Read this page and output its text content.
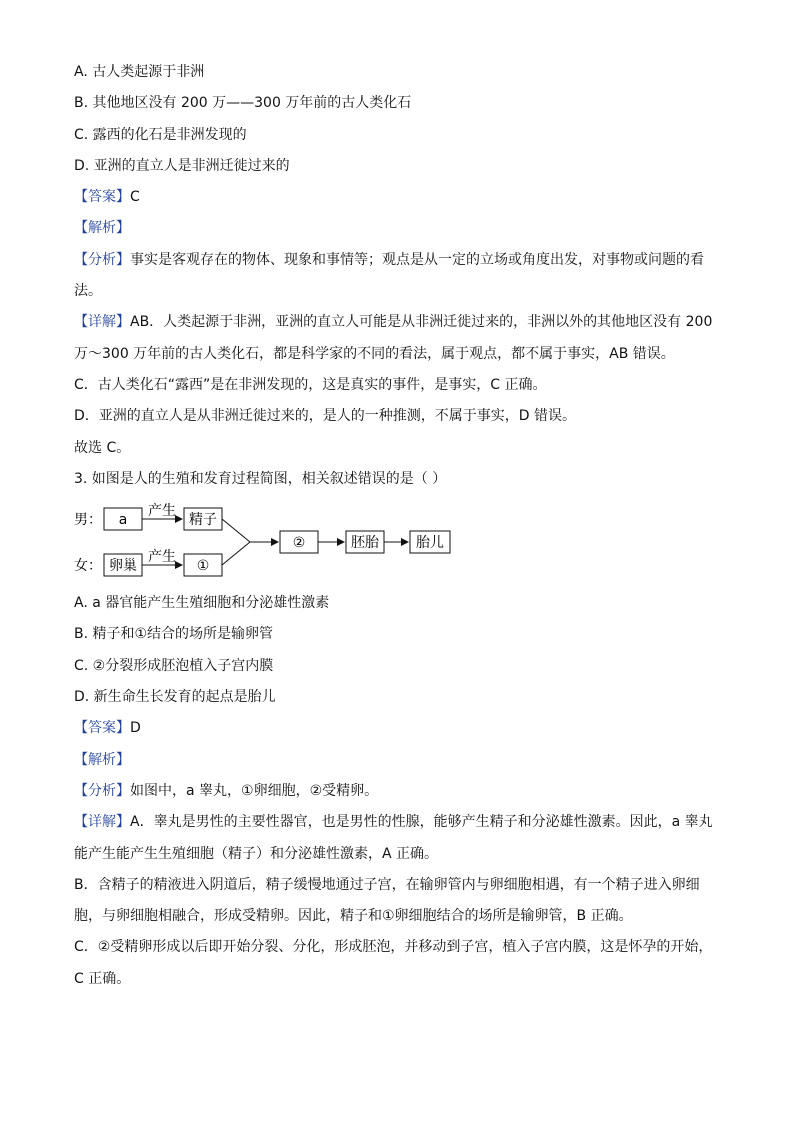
A. 古人类起源于非洲
B. 其他地区没有 200 万——300 万年前的古人类化石
C. 露西的化石是非洲发现的
D. 亚洲的直立人是非洲迁徙过来的
【答案】C
【解析】
【分析】事实是客观存在的物体、现象和事情等；观点是从一定的立场或角度出发，对事物或问题的看
法。
【详解】AB．人类起源于非洲，亚洲的直立人可能是从非洲迁徙过来的，非洲以外的其他地区没有 200
万～300 万年前的古人类化石，都是科学家的不同的看法，属于观点，都不属于事实，AB 错误。
C．古人类化石“露西”是在非洲发现的，这是真实的事件，是事实，C 正确。
D．亚洲的直立人是从非洲迁徙过来的，是人的一种推测，不属于事实，D 错误。
故选 C。
3. 如图是人的生殖和发育过程简图，相关叙述错误的是（ ）
男：
女：
a
产生
精子
卵巢
产生
①
②	胚胎	胎儿
A. a 器官能产生生殖细胞和分泌雄性激素
B. 精子和①结合的场所是输卵管
C. ②分裂形成胚泡植入子宫内膜
D. 新生命生长发育的起点是胎儿
【答案】D
【解析】
【分析】如图中，a 睾丸，①卵细胞，②受精卵。
【详解】A．睾丸是男性的主要性器官，也是男性的性腺，能够产生精子和分泌雄性激素。因此，a 睾丸
能产生能产生生殖细胞（精子）和分泌雄性激素，A 正确。
B．含精子的精液进入阴道后，精子缓慢地通过子宫，在输卵管内与卵细胞相遇，有一个精子进入卵细
胞，与卵细胞相融合，形成受精卵。因此，精子和①卵细胞结合的场所是输卵管，B 正确。
C．②受精卵形成以后即开始分裂、分化，形成胚泡，并移动到子宫，植入子宫内膜，这是怀孕的开始，
C 正确。
